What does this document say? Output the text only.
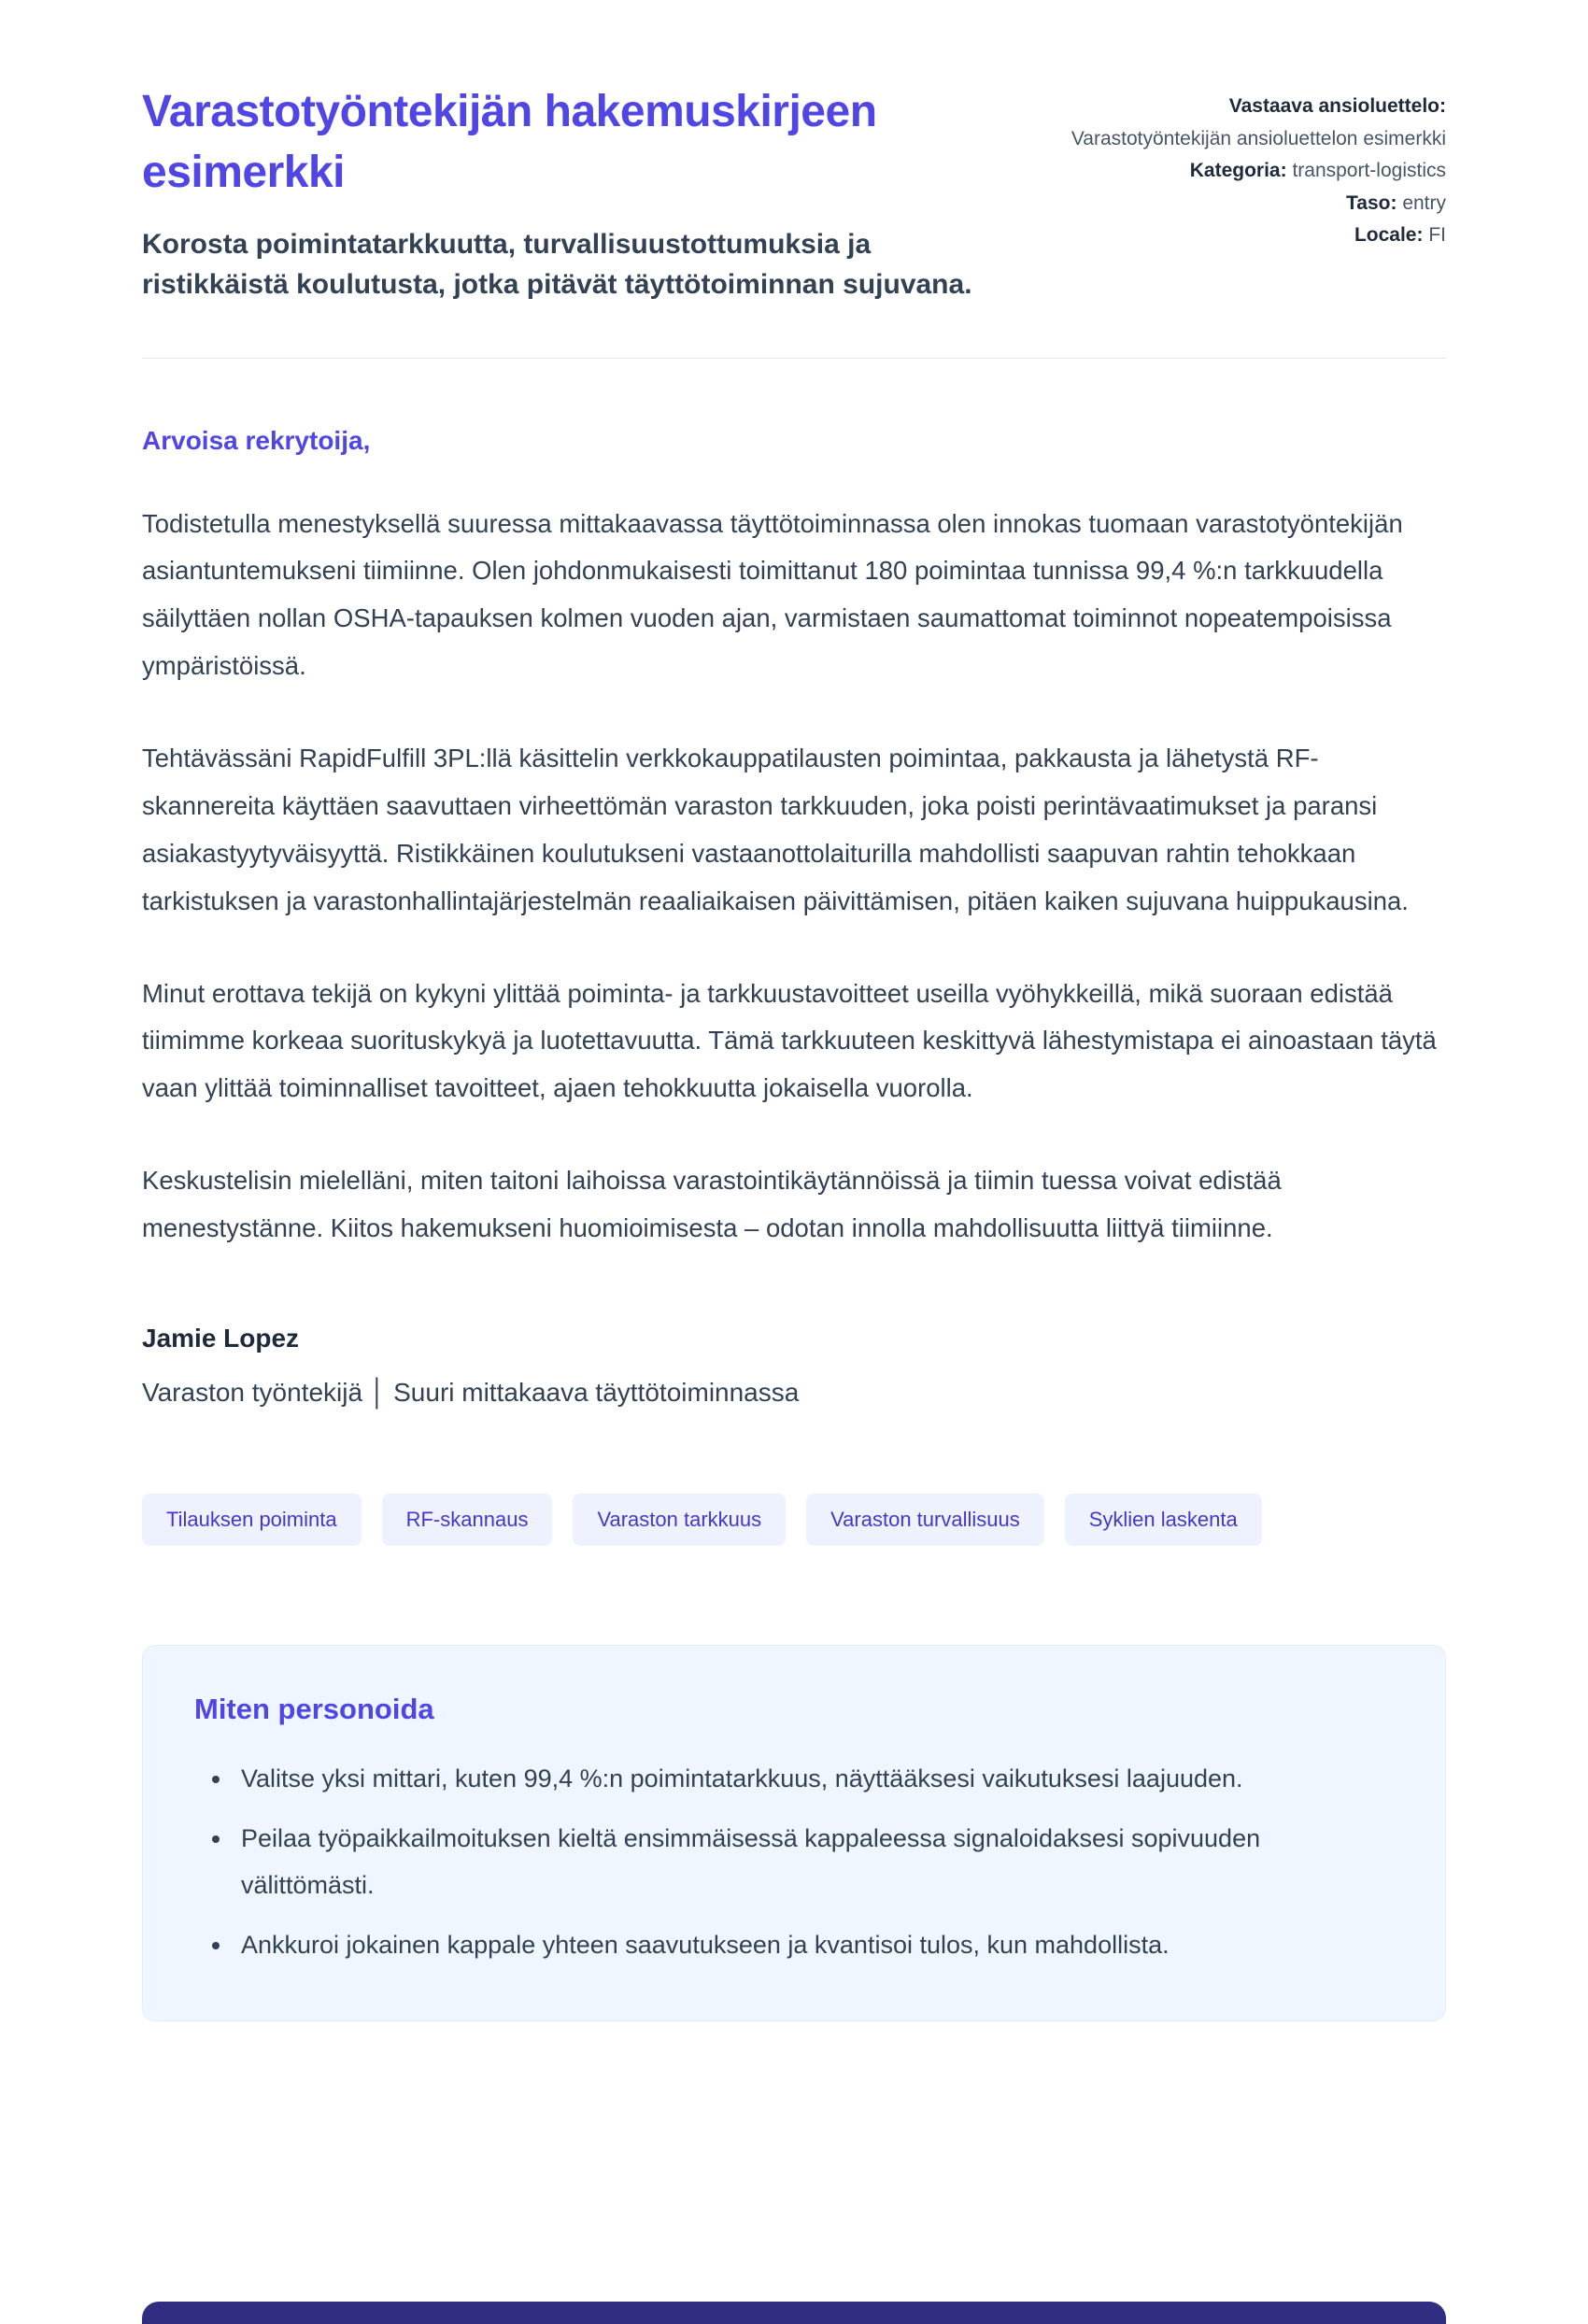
Varastotyöntekijän hakemuskirjeen esimerkki
Korosta poimintatarkkuutta, turvallisuustottumuksia ja ristikkäistä koulutusta, jotka pitävät täyttötoiminnan sujuvana.
Vastaava ansioluettelo:
Varastotyöntekijän ansioluettelon esimerkki
Kategoria: transport-logistics
Taso: entry
Locale: FI
Arvoisa rekrytoija,

Todistetulla menestyksellä suuressa mittakaavassa täyttötoiminnassa olen innokas tuomaan varastotyöntekijän asiantuntemukseni tiimiinne. Olen johdonmukaisesti toimittanut 180 poimintaa tunnissa 99,4 %:n tarkkuudella säilyttäen nollan OSHA-tapauksen kolmen vuoden ajan, varmistaen saumattomat toiminnot nopeatempoisissa ympäristöissä.

Tehtävässäni RapidFulfill 3PL:llä käsittelin verkkokauppatilausten poimintaa, pakkausta ja lähetystä RF-skannereita käyttäen saavuttaen virheettömän varaston tarkkuuden, joka poisti perintävaatimukset ja paransi asiakastyytyväisyyttä. Ristikkäinen koulutukseni vastaanottolaiturilla mahdollisti saapuvan rahtin tehokkaan tarkistuksen ja varastonhallintajärjestelmän reaaliaikaisen päivittämisen, pitäen kaiken sujuvana huippukausina.

Minut erottava tekijä on kykyni ylittää poiminta- ja tarkkuustavoitteet useilla vyöhykkeillä, mikä suoraan edistää tiimimme korkeaa suorituskykyä ja luotettavuutta. Tämä tarkkuuteen keskittyvä lähestymistapa ei ainoastaan täytä vaan ylittää toiminnalliset tavoitteet, ajaen tehokkuutta jokaisella vuorolla.

Keskustelisin mielelläni, miten taitoni laihoissa varastointikäytännöissä ja tiimin tuessa voivat edistää menestystänne. Kiitos hakemukseni huomioimisesta – odotan innolla mahdollisuutta liittyä tiimiinne.

Jamie Lopez
Varaston työntekijä │ Suuri mittakaava täyttötoiminnassa
Tilauksen poiminta	RF-skannaus	Varaston tarkkuus	Varaston turvallisuus	Syklien laskenta
Miten personoida
• Valitse yksi mittari, kuten 99,4 %:n poimintatarkkuus, näyttääksesi vaikutuksesi laajuuden.
• Peilaa työpaikkailmoituksen kieltä ensimmäisessä kappaleessa signaloidaksesi sopivuuden välittömästi.
• Ankkuroi jokainen kappale yhteen saavutukseen ja kvantisoi tulos, kun mahdollista.
